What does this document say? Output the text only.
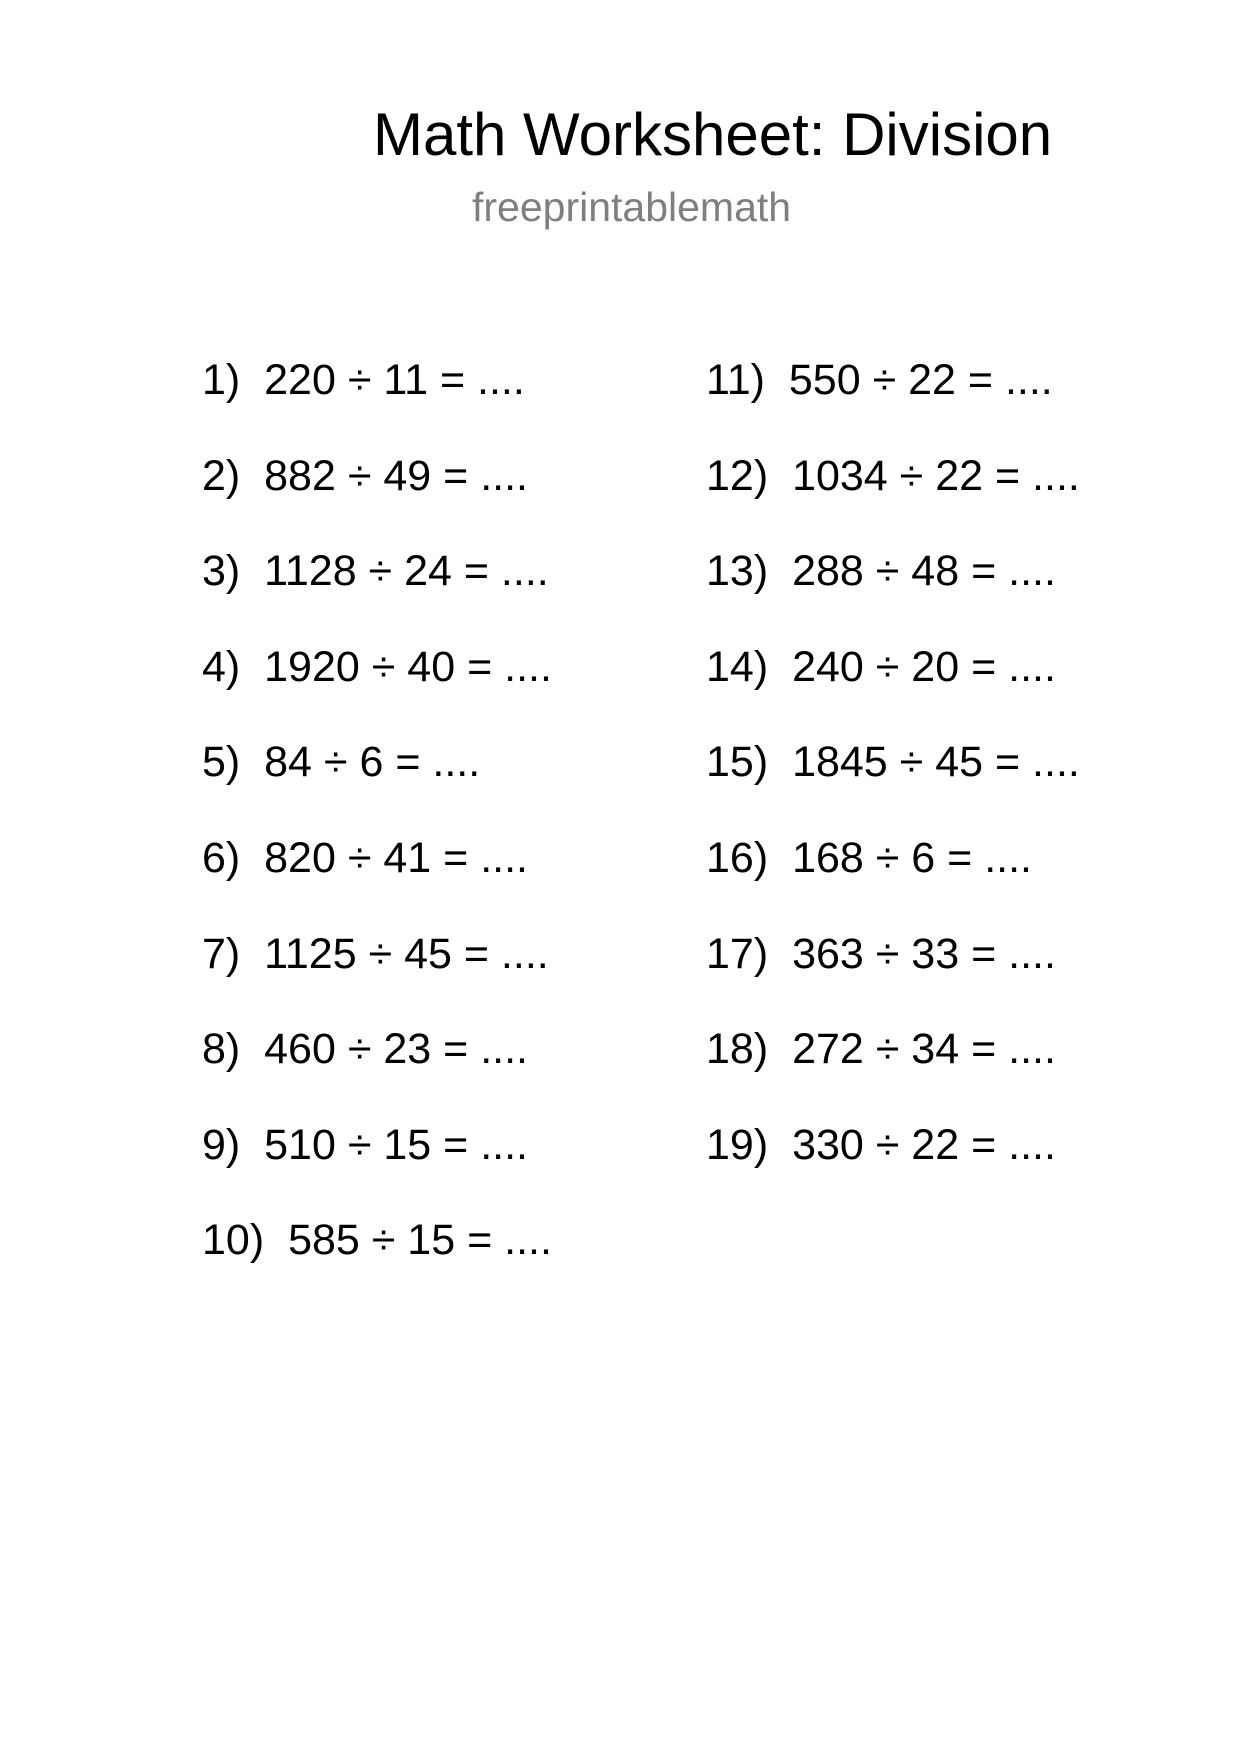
Math Worksheet: Division
freeprintablemath
1) 220 ÷ 11 = ....
2) 882 ÷ 49 = ....
3) 1128 ÷ 24 = ....
4) 1920 ÷ 40 = ....
5) 84 ÷ 6 = ....
6) 820 ÷ 41 = ....
7) 1125 ÷ 45 = ....
8) 460 ÷ 23 = ....
9) 510 ÷ 15 = ....
10) 585 ÷ 15 = ....
11) 550 ÷ 22 = ....
12) 1034 ÷ 22 = ....
13) 288 ÷ 48 = ....
14) 240 ÷ 20 = ....
15) 1845 ÷ 45 = ....
16) 168 ÷ 6 = ....
17) 363 ÷ 33 = ....
18) 272 ÷ 34 = ....
19) 330 ÷ 22 = ....
